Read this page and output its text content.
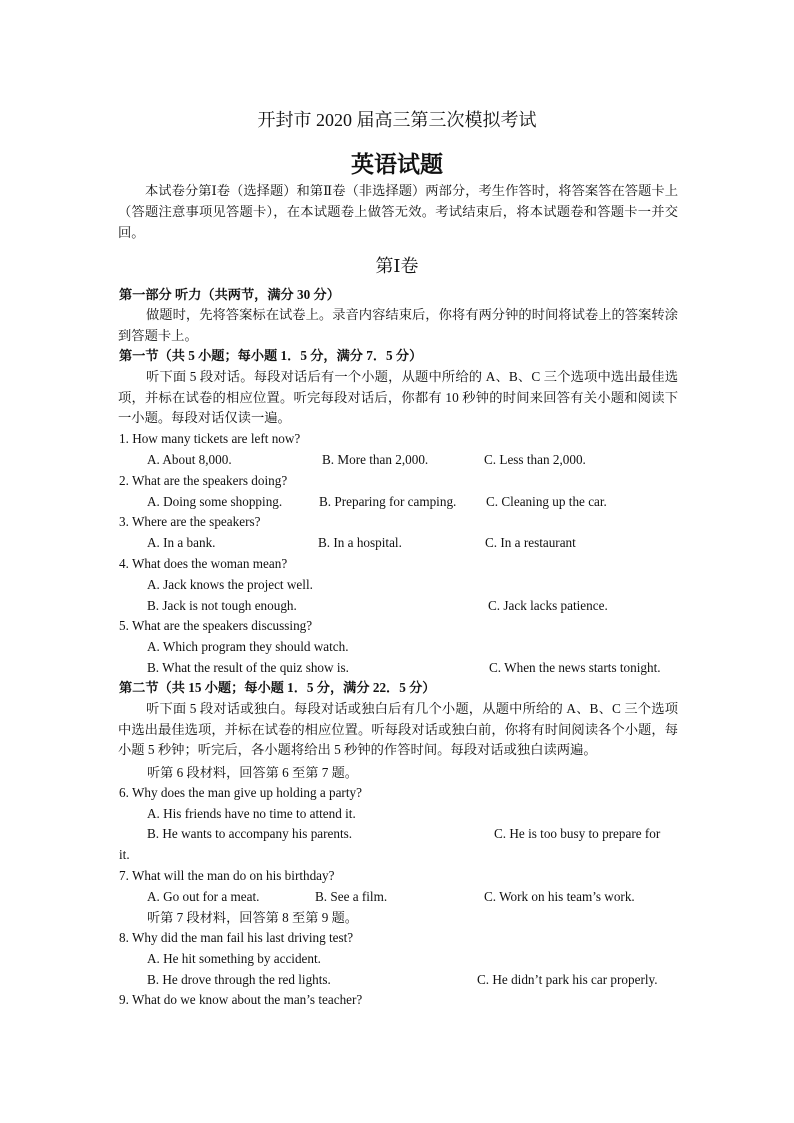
开封市 2020 届高三第三次模拟考试
英语试题
本试卷分第Ⅰ卷（选择题）和第Ⅱ卷（非选择题）两部分，考生作答时，将答案答在答题卡上（答题注意事项见答题卡），在本试题卷上做答无效。考试结束后，将本试题卷和答题卡一并交回。
第Ⅰ卷
第一部分 听力（共两节，满分 30 分）
做题时，先将答案标在试卷上。录音内容结束后，你将有两分钟的时间将试卷上的答案转涂到答题卡上。
第一节（共 5 小题；每小题 1．5 分，满分 7．5 分）
听下面 5 段对话。每段对话后有一个小题，从题中所给的 A、B、C 三个选项中选出最佳选项，并标在试卷的相应位置。听完每段对话后，你都有 10 秒钟的时间来回答有关小题和阅读下一小题。每段对话仅读一遍。
1. How many tickets are left now?
A. About 8,000.	B. More than 2,000.	C. Less than 2,000.
2. What are the speakers doing?
A. Doing some shopping.	B. Preparing for camping. C. Cleaning up the car.
3. Where are the speakers?
A. In a bank.	B. In a hospital.	C. In a restaurant
4. What does the woman mean?
A. Jack knows the project well.
B. Jack is not tough enough.	C. Jack lacks patience.
5. What are the speakers discussing?
A. Which program they should watch.
B. What the result of the quiz show is.	C. When the news starts tonight.
第二节（共 15 小题；每小题 1．5 分，满分 22．5 分）
听下面 5 段对话或独白。每段对话或独白后有几个小题，从题中所给的 A、B、C 三个选项中选出最佳选项，并标在试卷的相应位置。听每段对话或独白前，你将有时间阅读各个小题，每小题 5 秒钟；听完后，各小题将给出 5 秒钟的作答时间。每段对话或独白读两遍。
听第 6 段材料，回答第 6 至第 7 题。
6. Why does the man give up holding a party?
A. His friends have no time to attend it.
B. He wants to accompany his parents.	C. He is too busy to prepare for
it.
7. What will the man do on his birthday?
A. Go out for a meat.	B. See a film.	C. Work on his team’s work.
听第 7 段材料，回答第 8 至第 9 题。
8. Why did the man fail his last driving test?
A. He hit something by accident.
B. He drove through the red lights.	C. He didn’t park his car properly.
9. What do we know about the man’s teacher?
